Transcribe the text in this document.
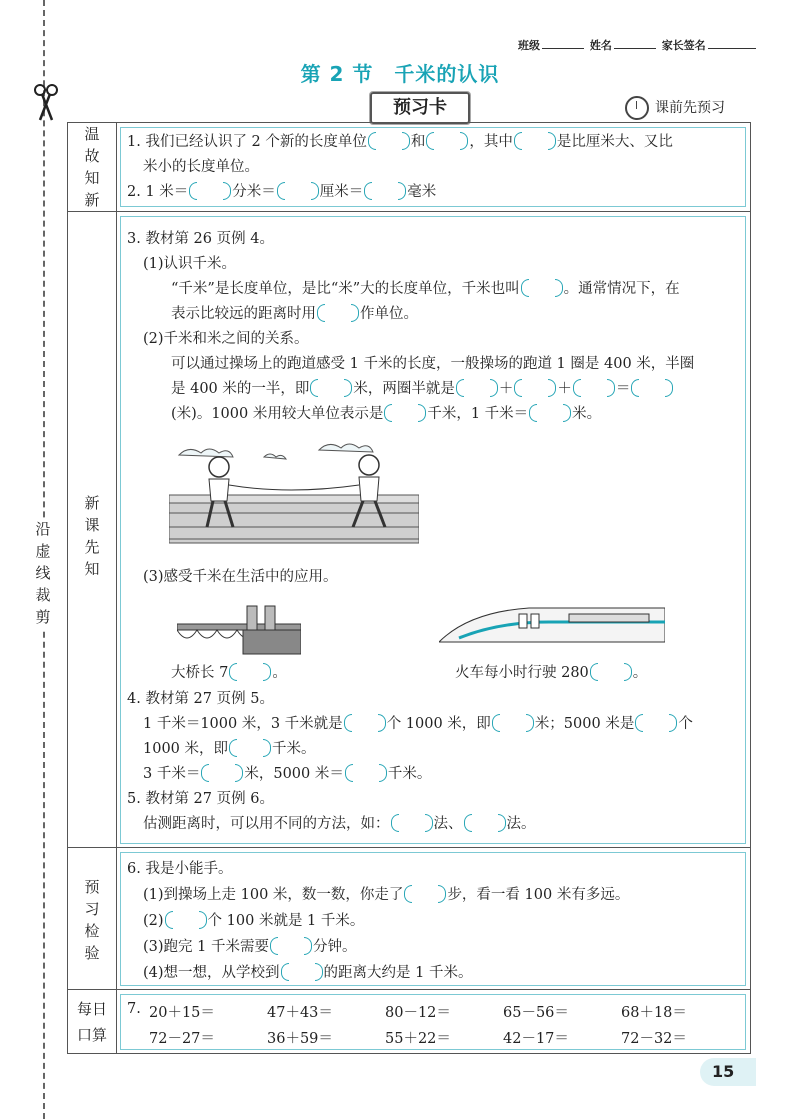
沿
虚
线
裁
剪
班级	姓名	家长签名
第 2 节　千米的认识
预习卡	课前先预习
温
故
知
新
1. 我们已经认识了 2 个新的长度单位	和	，其中	是比厘米大、又比
米小的长度单位。
2. 1 米＝	分米＝	厘米＝	毫米
新
课
先
知
3. 教材第 26 页例 4。
(1)认识千米。
“千米”是长度单位，是比“米”大的长度单位，千米也叫	。通常情况下，在
表示比较远的距离时用	作单位。
(2)千米和米之间的关系。
可以通过操场上的跑道感受 1 千米的长度，一般操场的跑道 1 圈是 400 米，半圈
是 400 米的一半，即	米，两圈半就是	＋	＋	＝
(米)。1000 米用较大单位表示是	千米，1 千米＝	米。
(3)感受千米在生活中的应用。
大桥长 7	。	火车每小时行驶 280	。
4. 教材第 27 页例 5。
1 千米＝1000 米，3 千米就是	个 1000 米，即	米；5000 米是	个
1000 米，即	千米。
3 千米＝	米，5000 米＝	千米。
5. 教材第 27 页例 6。
估测距离时，可以用不同的方法，如：	法、	法。
预
习
检
验
6. 我是小能手。
(1)到操场上走 100 米，数一数，你走了	步，看一看 100 米有多远。
(2)	个 100 米就是 1 千米。
(3)跑完 1 千米需要	分钟。
(4)想一想，从学校到	的距离大约是 1 千米。
每日
口算
7. 20＋15＝	47＋43＝	80－12＝	65－56＝	68＋18＝
72－27＝	36＋59＝	55＋22＝	42－17＝	72－32＝
15
